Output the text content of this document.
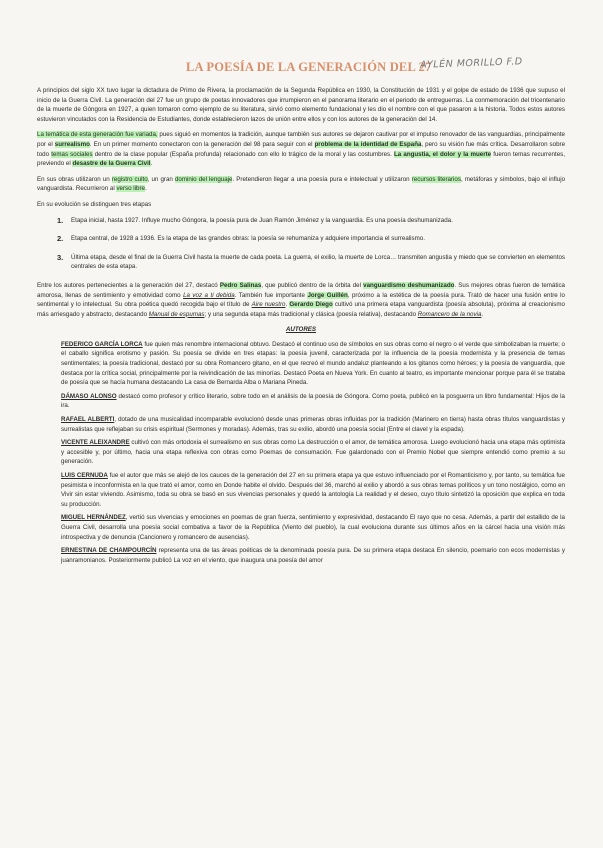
LA POESÍA DE LA GENERACIÓN DEL 27
AYLÉN MORILLO F.D

A principios del siglo XX tuvo lugar la dictadura de Primo de Rivera, la proclamación de la Segunda República en 1930, la Constitución de 1931 y el golpe de estado de 1936 que supuso el inicio de la Guerra Civil. La generación del 27 fue un grupo de poetas innovadores que irrumpieron en el panorama literario en el periodo de entreguerras. La conmemoración del tricentenario de la muerte de Góngora en 1927, a quien tomaron como ejemplo de su literatura, sirvió como elemento fundacional y les dio el nombre con el que pasaron a la historia. Todos estos autores estuvieron vinculados con la Residencia de Estudiantes, donde establecieron lazos de unión entre ellos y con los autores de la generación del 14.

La temática de esta generación fue variada, pues siguió en momentos la tradición, aunque también sus autores se dejaron cautivar por el impulso renovador de las vanguardias, principalmente por el surrealismo. En un primer momento conectaron con la generación del 98 para seguir con el problema de la identidad de España, pero su visión fue más crítica. Desarrollaron sobre todo temas sociales dentro de la clase popular (España profunda) relacionado con ello lo trágico de la moral y las costumbres. La angustia, el dolor y la muerte fueron temas recurrentes, previendo el desastre de la Guerra Civil.

En sus obras utilizaron un registro culto, un gran dominio del lenguaje. Pretendieron llegar a una poesía pura e intelectual y utilizaron recursos literarios, metáforas y símbolos, bajo el influjo vanguardista. Recurrieron al verso libre.

En su evolución se distinguen tres etapas

1.	Etapa inicial, hasta 1927. Influye mucho Góngora, la poesía pura de Juan Ramón Jiménez y la vanguardia. Es una poesía deshumanizada.
2.	Etapa central, de 1928 a 1936. Es la etapa de las grandes obras: la poesía se rehumaniza y adquiere importancia el surrealismo.
3.	Última etapa, desde el final de la Guerra Civil hasta la muerte de cada poeta. La guerra, el exilio, la muerte de Lorca… transmiten angustia y miedo que se convierten en elementos centrales de esta etapa.

Entre los autores pertenecientes a la generación del 27, destacó Pedro Salinas, que publicó dentro de la órbita del vanguardismo deshumanizado. Sus mejores obras fueron de temática amorosa, llenas de sentimiento y emotividad como La voz a ti debida. También fue importante Jorge Guillén, próximo a la estética de la poesía pura. Trató de hacer una fusión entre lo sentimental y lo intelectual. Su obra poética quedó recogida bajo el título de Aire nuestro. Gerardo Diego cultivó una primera etapa vanguardista (poesía absoluta), próxima al creacionismo más arriesgado y abstracto, destacando Manual de espumas; y una segunda etapa más tradicional y clásica (poesía relativa), destacando Romancero de la novia.

AUTORES

FEDERICO GARCÍA LORCA fue quien más renombre internacional obtuvo. Destacó el continuo uso de símbolos en sus obras como el negro o el verde que simbolizaban la muerte; o el caballo significa erotismo y pasión. Su poesía se divide en tres etapas: la poesía juvenil, caracterizada por la influencia de la poesía modernista y la presencia de temas sentimentales; la poesía tradicional, destacó por su obra Romancero gitano, en el que recreó el mundo andaluz planteando a los gitanos como héroes; y la poesía de vanguardia, que destaca por la crítica social, principalmente por la reivindicación de las minorías. Destacó Poeta en Nueva York. En cuanto al teatro, es importante mencionar porque para él se trataba de poesía que se hacía humana destacando La casa de Bernarda Alba o Mariana Pineda.

DÁMASO ALONSO destacó como profesor y crítico literario, sobre todo en el análisis de la poesía de Góngora. Como poeta, publicó en la posguerra un libro fundamental: Hijos de la ira.

RAFAEL ALBERTI, dotado de una musicalidad incomparable evolucionó desde unas primeras obras influidas por la tradición (Marinero en tierra) hasta obras títulos vanguardistas y surrealistas que reflejaban su crisis espiritual (Sermones y moradas). Además, tras su exilio, abordó una poesía social (Entre el clavel y la espada).

VICENTE ALEIXANDRE cultivó con más ortodoxia el surrealismo en sus obras como La destrucción o el amor, de temática amorosa. Luego evolucionó hacia una etapa más optimista y accesible y, por último, hacia una etapa reflexiva con obras como Poemas de consumación. Fue galardonado con el Premio Nobel que siempre entendió como premio a su generación.

LUIS CERNUDA fue el autor que más se alejó de los cauces de la generación del 27 en su primera etapa ya que estuvo influenciado por el Romanticismo y, por tanto, su temática fue pesimista e inconformista en la que trató el amor, como en Donde habite el olvido. Después del 36, marchó al exilio y abordó a sus obras temas políticos y un tono nostálgico, como en Vivir sin estar viviendo. Asimismo, toda su obra se basó en sus vivencias personales y quedó la antología La realidad y el deseo, cuyo título sintetizó la oposición que explica en toda su producción.

MIGUEL HERNÁNDEZ, vertió sus vivencias y emociones en poemas de gran fuerza, sentimiento y expresividad, destacando El rayo que no cesa. Además, a partir del estallido de la Guerra Civil, desarrolla una poesía social combativa a favor de la República (Viento del pueblo), la cual evoluciona durante sus últimos años en la cárcel hacia una visión más introspectiva y de denuncia (Cancionero y romancero de ausencias).

ERNESTINA DE CHAMPOURCÍN representa una de las áreas poéticas de la denominada poesía pura. De su primera etapa destaca En silencio, poemario con ecos modernistas y juanramonianos. Posteriormente publicó La voz en el viento, que inaugura una poesía del amor
